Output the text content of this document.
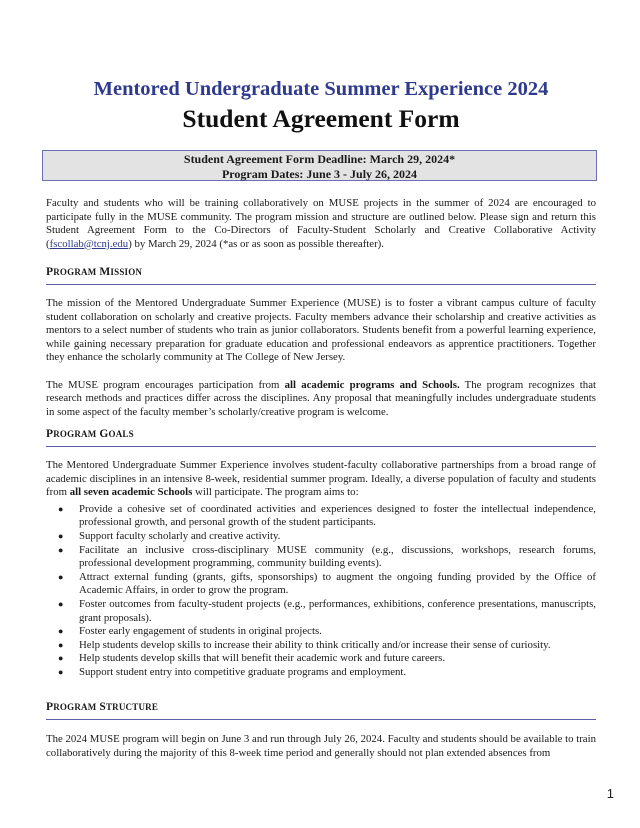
Mentored Undergraduate Summer Experience 2024
Student Agreement Form
Student Agreement Form Deadline: March 29, 2024*
Program Dates: June 3 - July 26, 2024

Faculty and students who will be training collaboratively on MUSE projects in the summer of 2024 are encouraged to participate fully in the MUSE community. The program mission and structure are outlined below. Please sign and return this Student Agreement Form to the Co-Directors of Faculty-Student Scholarly and Creative Collaborative Activity (fscollab@tcnj.edu) by March 29, 2024 (*as or as soon as possible thereafter).

PROGRAM MISSION

The mission of the Mentored Undergraduate Summer Experience (MUSE) is to foster a vibrant campus culture of faculty student collaboration on scholarly and creative projects. Faculty members advance their scholarship and creative activities as mentors to a select number of students who train as junior collaborators. Students benefit from a powerful learning experience, while gaining necessary preparation for graduate education and professional endeavors as apprentice practitioners. Together they enhance the scholarly community at The College of New Jersey.

The MUSE program encourages participation from all academic programs and Schools. The program recognizes that research methods and practices differ across the disciplines. Any proposal that meaningfully includes undergraduate students in some aspect of the faculty member’s scholarly/creative program is welcome.

PROGRAM GOALS

The Mentored Undergraduate Summer Experience involves student-faculty collaborative partnerships from a broad range of academic disciplines in an intensive 8-week, residential summer program. Ideally, a diverse population of faculty and students from all seven academic Schools will participate. The program aims to:

● Provide a cohesive set of coordinated activities and experiences designed to foster the intellectual independence, professional growth, and personal growth of the student participants.
● Support faculty scholarly and creative activity.
● Facilitate an inclusive cross-disciplinary MUSE community (e.g., discussions, workshops, research forums, professional development programming, community building events).
● Attract external funding (grants, gifts, sponsorships) to augment the ongoing funding provided by the Office of Academic Affairs, in order to grow the program.
● Foster outcomes from faculty-student projects (e.g., performances, exhibitions, conference presentations, manuscripts, grant proposals).
● Foster early engagement of students in original projects.
● Help students develop skills to increase their ability to think critically and/or increase their sense of curiosity.
● Help students develop skills that will benefit their academic work and future careers.
● Support student entry into competitive graduate programs and employment.
PROGRAM STRUCTURE

The 2024 MUSE program will begin on June 3 and run through July 26, 2024. Faculty and students should be available to train collaboratively during the majority of this 8-week time period and generally should not plan extended absences from

1
